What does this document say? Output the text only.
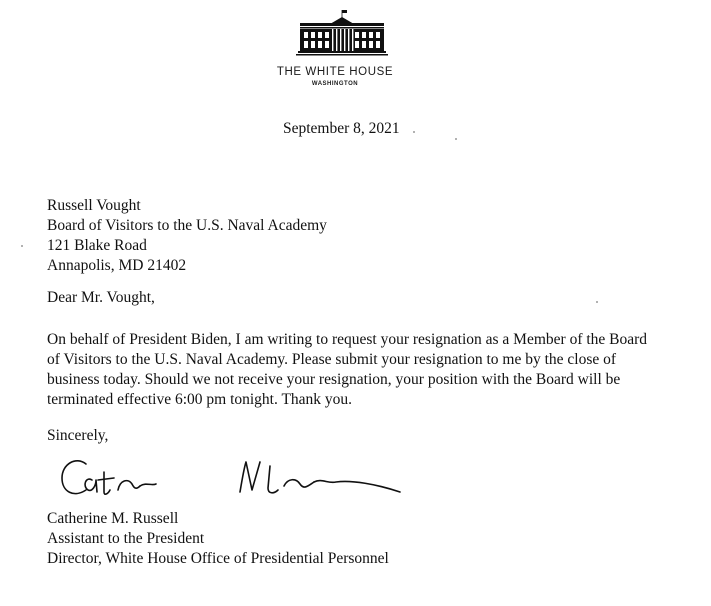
THE WHITE HOUSE
WASHINGTON
September 8, 2021
Russell Vought
Board of Visitors to the U.S. Naval Academy
121 Blake Road
Annapolis, MD 21402
Dear Mr. Vought,
On behalf of President Biden, I am writing to request your resignation as a Member of the Board
of Visitors to the U.S. Naval Academy. Please submit your resignation to me by the close of
business today. Should we not receive your resignation, your position with the Board will be
terminated effective 6:00 pm tonight. Thank you.
Sincerely,
Catherine M. Russell
Assistant to the President
Director, White House Office of Presidential Personnel
